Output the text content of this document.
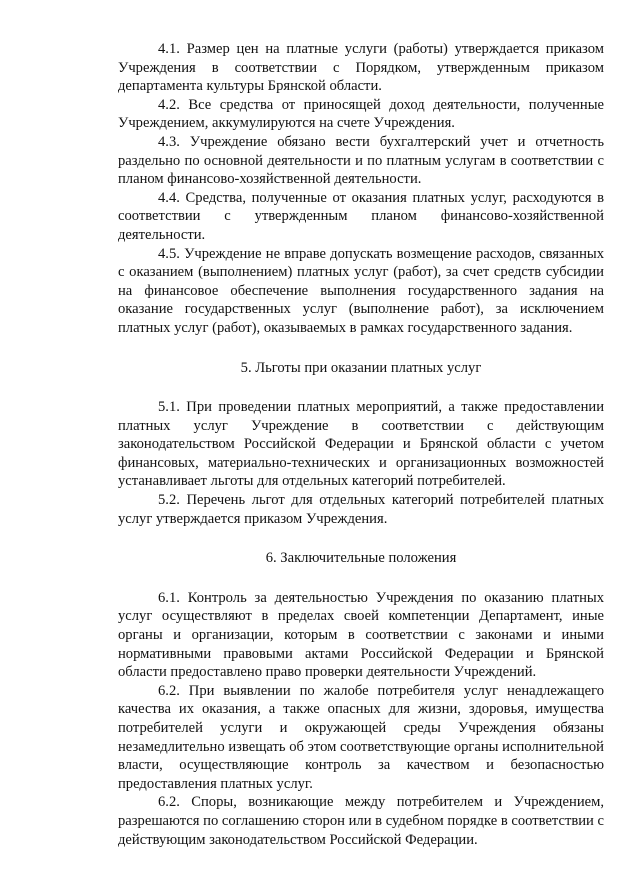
4.1. Размер цен на платные услуги (работы) утверждается приказом Учреждения в соответствии с Порядком, утвержденным приказом департамента культуры Брянской области.

4.2. Все средства от приносящей доход деятельности, полученные Учреждением, аккумулируются на счете Учреждения.

4.3. Учреждение обязано вести бухгалтерский учет и отчетность раздельно по основной деятельности и по платным услугам в соответствии с планом финансово-хозяйственной деятельности.

4.4. Средства, полученные от оказания платных услуг, расходуются в соответствии с утвержденным планом финансово-хозяйственной деятельности.

4.5. Учреждение не вправе допускать возмещение расходов, связанных с оказанием (выполнением) платных услуг (работ), за счет средств субсидии на финансовое обеспечение выполнения государственного задания на оказание государственных услуг (выполнение работ), за исключением платных услуг (работ), оказываемых в рамках государственного задания.

5. Льготы при оказании платных услуг

5.1. При проведении платных мероприятий, а также предоставлении платных услуг Учреждение в соответствии с действующим законодательством Российской Федерации и Брянской области с учетом финансовых, материально-технических и организационных возможностей устанавливает льготы для отдельных категорий потребителей.

5.2. Перечень льгот для отдельных категорий потребителей платных услуг утверждается приказом Учреждения.

6. Заключительные положения

6.1. Контроль за деятельностью Учреждения по оказанию платных услуг осуществляют в пределах своей компетенции Департамент, иные органы и организации, которым в соответствии с законами и иными нормативными правовыми актами Российской Федерации и Брянской области предоставлено право проверки деятельности Учреждений.

6.2. При выявлении по жалобе потребителя услуг ненадлежащего качества их оказания, а также опасных для жизни, здоровья, имущества потребителей услуги и окружающей среды Учреждения обязаны незамедлительно извещать об этом соответствующие органы исполнительной власти, осуществляющие контроль за качеством и безопасностью предоставления платных услуг.

6.2. Споры, возникающие между потребителем и Учреждением, разрешаются по соглашению сторон или в судебном порядке в соответствии с действующим законодательством Российской Федерации.
